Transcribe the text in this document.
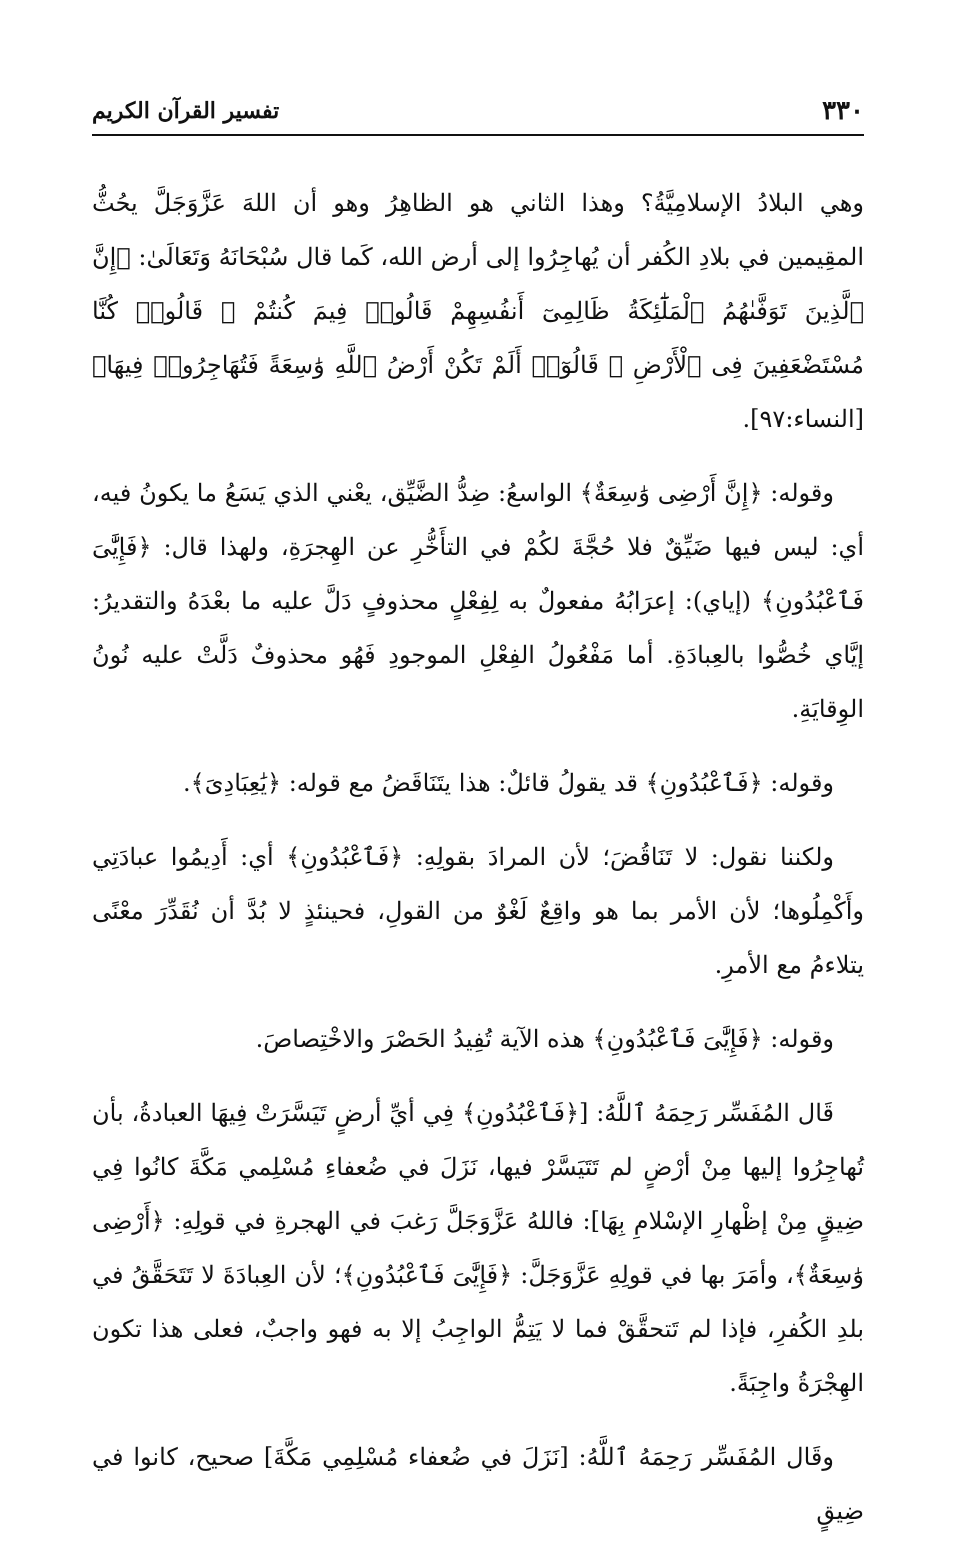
٣٣٠
تفسير القرآن الكريم

وهي البلادُ الإسلامِيَّةُ؟ وهذا الثاني هو الظاهِرُ وهو أن اللهَ عَزَّوَجَلَّ يحُثُّ المقِيمين في بلادِ الكُفر أن يُهاجِرُوا إلى أرض الله، كَما قال سُبْحَانَهُ وَتَعَالَىٰ: ﴿إِنَّ ٱلَّذِينَ تَوَفَّىٰهُمُ ٱلْمَلَٰٓئِكَةُ ظَالِمِىٓ أَنفُسِهِمْ قَالُوا۟ فِيمَ كُنتُمْ ۖ قَالُوا۟ كُنَّا مُسْتَضْعَفِينَ فِى ٱلْأَرْضِ ۚ قَالُوٓا۟ أَلَمْ تَكُنْ أَرْضُ ٱللَّهِ وَٰسِعَةً فَتُهَاجِرُوا۟ فِيهَا﴾ [النساء:٩٧].

وقوله: ﴿إِنَّ أَرْضِى وَٰسِعَةٌ﴾ الواسعُ: ضِدُّ الضَّيِّق، يعْني الذي يَسَعُ ما يكونُ فيه، أي: ليس فيها ضَيِّقٌ فلا حُجَّةَ لكُمْ في التأَخُّرِ عن الهِجرَةِ، ولهذا قال: ﴿فَإِيَّٰىَ فَٱعْبُدُونِ﴾ (إياي): إعرَابُهُ مفعولٌ به لِفِعْلٍ محذوفٍ دَلَّ عليه ما بعْدَهُ والتقديرُ: إيَّاي خُصُّوا بالعِبادَةِ. أما مَفْعُولُ الفِعْلِ الموجودِ فَهُو محذوفٌ دَلَّتْ عليه نُونُ الوِقايَةِ.

وقوله: ﴿فَٱعْبُدُونِ﴾ قد يقولُ قائلٌ: هذا يتَنَاقَضُ مع قوله: ﴿يَٰعِبَادِىَ﴾.

ولكننا نقول: لا تَنَاقُضَ؛ لأن المرادَ بقولِهِ: ﴿فَٱعْبُدُونِ﴾ أي: أَدِيمُوا عبادَتِي وأَكْمِلُوها؛ لأن الأمر بما هو واقِعٌ لَغْوٌ من القولِ، فحينئذٍ لا بُدَّ أن نُقَدِّرَ معْنًى يتلاءمُ مع الأمرِ.

وقوله: ﴿فَإِيَّٰىَ فَٱعْبُدُونِ﴾ هذه الآية تُفِيدُ الحَصْرَ والاخْتِصاصَ.

قَال المُفَسِّر رَحِمَهُ ٱللَّهُ: [﴿فَٱعْبُدُونِ﴾ فِي أيِّ أرضٍ تَيَسَّرَتْ فِيهَا العبادةُ، بأن تُهاجِرُوا إليها مِنْ أرْضٍ لم تَتَيَسَّرْ فيها، نَزَلَ في ضُعفاءِ مُسْلِمي مَكَّةَ كانُوا فِي ضِيقٍ مِنْ إظْهارِ الإسْلامِ بِهَا]: فاللهُ عَزَّوَجَلَّ رَغبَ في الهجرةِ في قولِهِ: ﴿أَرْضِى وَٰسِعَةٌ﴾، وأمَرَ بها في قولِهِ عَزَّوَجَلَّ: ﴿فَإِيَّٰىَ فَٱعْبُدُونِ﴾؛ لأن العِبادَةَ لا تَتَحَقَّقُ في بلدِ الكُفرِ، فإذا لم تَتحقَّقْ فما لا يَتِمُّ الواجِبُ إلا به فهو واجبٌ، فعلى هذا تكون الهِجْرَةُ واجِبَةً.

وقَال المُفَسِّر رَحِمَهُ ٱللَّهُ: [نَزَلَ في ضُعفاء مُسْلِمِي مَكَّةَ] صحيح، كانوا في ضِيقٍ
